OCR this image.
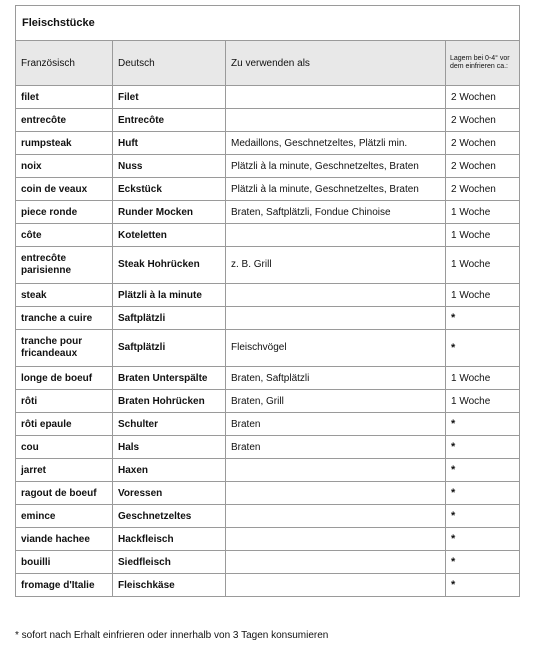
Fleischstücke			
Französisch	Deutsch	Zu verwenden als	Lagern bei 0-4° vor dem einfrieren ca.:
filet	Filet		2 Wochen
entrecôte	Entrecôte		2 Wochen
rumpsteak	Huft	Medaillons, Geschnetzeltes, Plätzli min.	2 Wochen
noix	Nuss	Plätzli à la minute, Geschnetzeltes, Braten	2 Wochen
coin de veaux	Eckstück	Plätzli à la minute, Geschnetzeltes, Braten	2 Wochen
piece ronde	Runder Mocken	Braten, Saftplätzli, Fondue Chinoise	1 Woche
côte	Koteletten		1 Woche
entrecôte parisienne	Steak Hohrücken	z. B. Grill	1 Woche
steak	Plätzli à la minute		1 Woche
tranche a cuire	Saftplätzli		*
tranche pour fricandeaux	Saftplätzli	Fleischvögel	*
longe de boeuf	Braten Unterspälte	Braten, Saftplätzli	1 Woche
rôti	Braten Hohrücken	Braten, Grill	1 Woche
rôti epaule	Schulter	Braten	*
cou	Hals	Braten	*
jarret	Haxen		*
ragout de boeuf	Voressen		*
emince	Geschnetzeltes		*
viande hachee	Hackfleisch		*
bouilli	Siedfleisch		*
fromage d'Italie	Fleischkäse		*
* sofort nach Erhalt einfrieren oder innerhalb von 3 Tagen konsumieren
